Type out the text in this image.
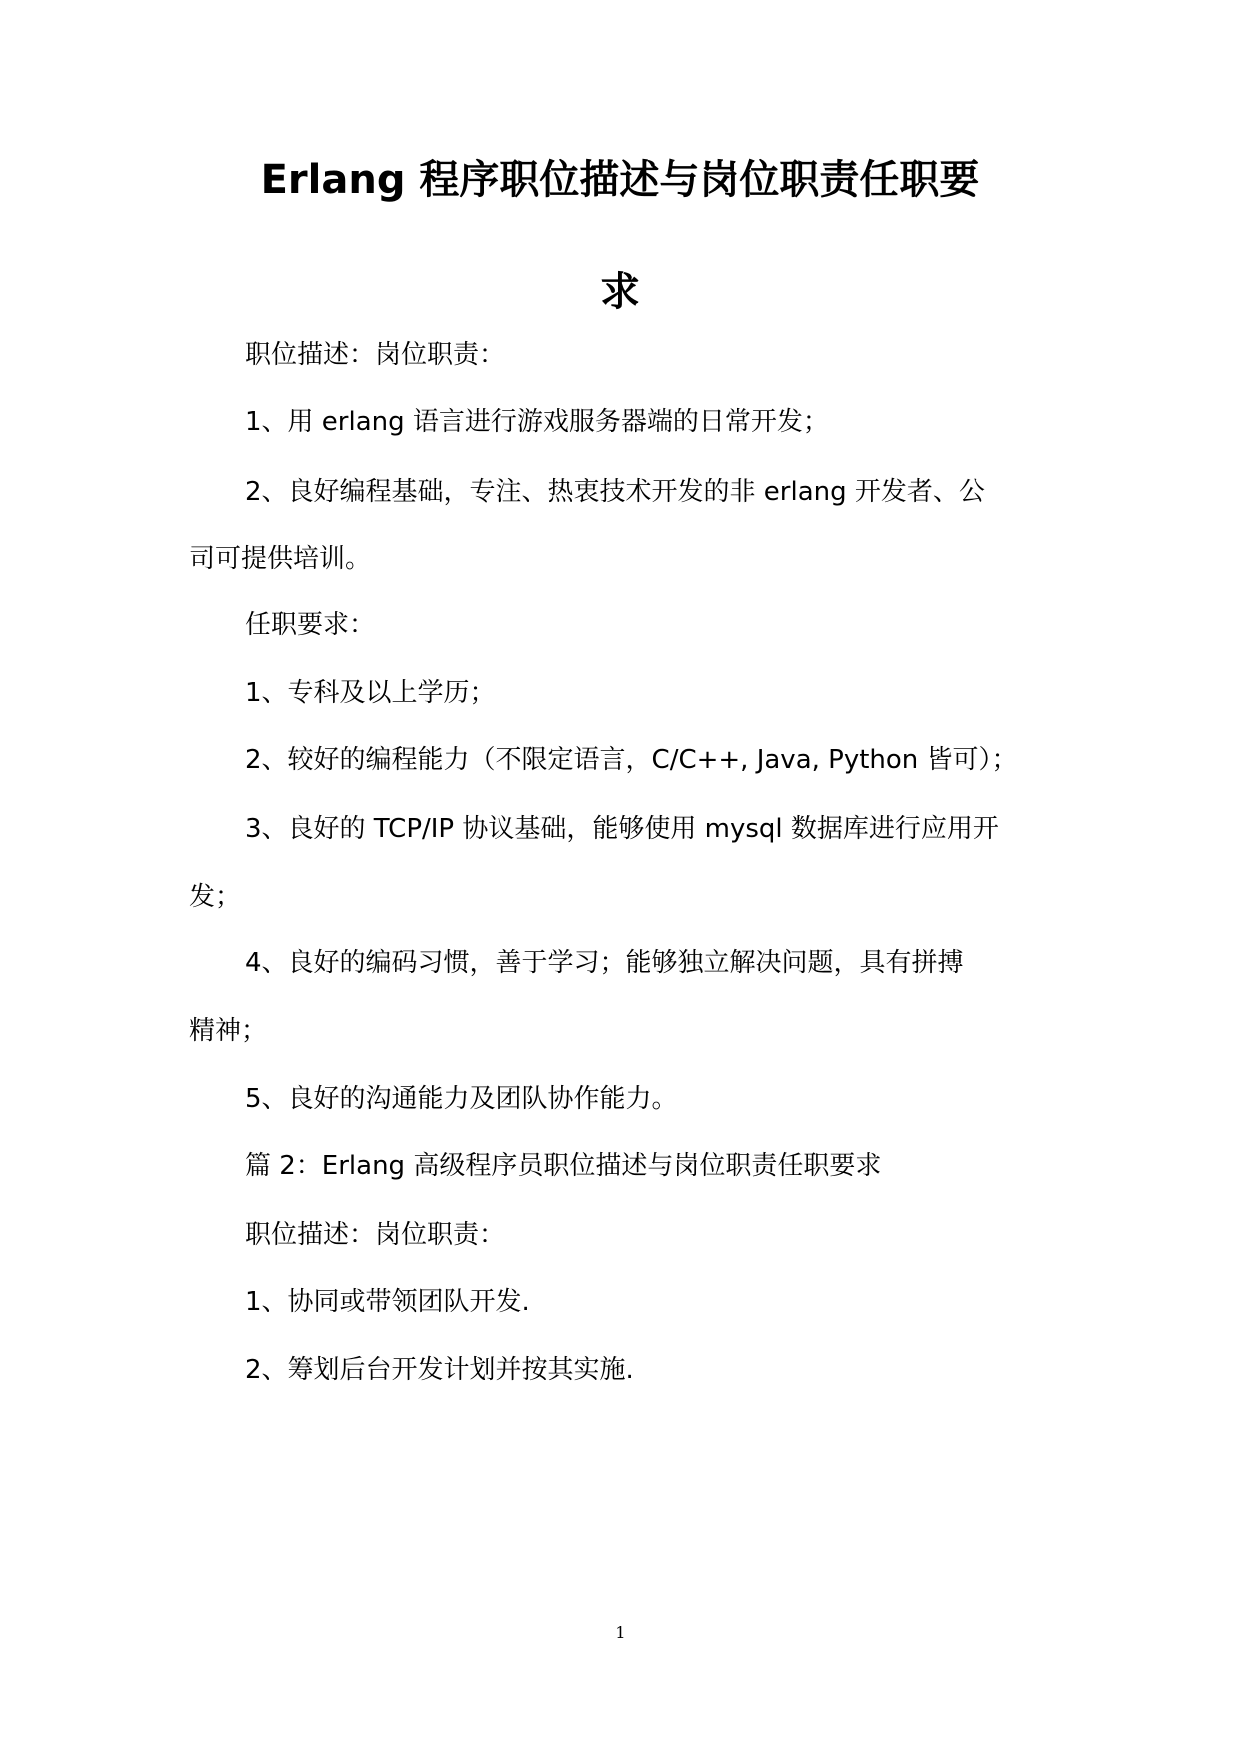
Erlang 程序职位描述与岗位职责任职要
求

职位描述：岗位职责：

1、用 erlang 语言进行游戏服务器端的日常开发；

2、良好编程基础，专注、热衷技术开发的非 erlang 开发者、公

司可提供培训。

任职要求：

1、专科及以上学历；

2、较好的编程能力（不限定语言，C/C++, Java, Python 皆可）；

3、良好的 TCP/IP 协议基础，能够使用 mysql 数据库进行应用开

发；

4、良好的编码习惯，善于学习；能够独立解决问题，具有拼搏

精神；

5、良好的沟通能力及团队协作能力。

篇 2：Erlang 高级程序员职位描述与岗位职责任职要求

职位描述：岗位职责：

1、协同或带领团队开发.

2、筹划后台开发计划并按其实施.

1
